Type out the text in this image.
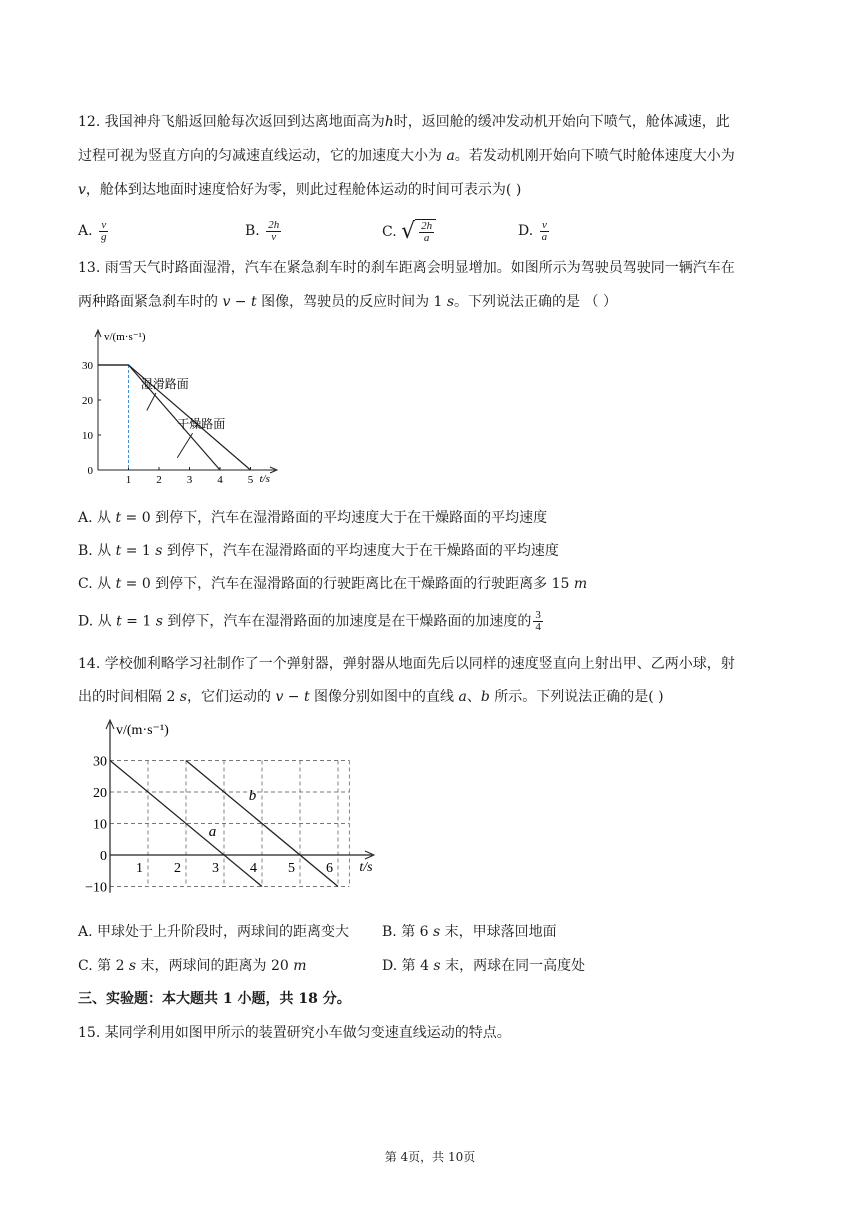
12. 我国神舟飞船返回舱每次返回到达离地面高为ℎ时，返回舱的缓冲发动机开始向下喷气，舱体减速，此
过程可视为竖直方向的匀减速直线运动，它的加速度大小为 𝑎。若发动机刚开始向下喷气时舱体速度大小为
𝑣，舱体到达地面时速度恰好为零，则此过程舱体运动的时间可表示为( )
A. $\frac{v}{g}$	B. $\frac{2h}{v}$	C. √ $\frac{2h}{a}$	D. $\frac{v}{a}$
13. 雨雪天气时路面湿滑，汽车在紧急刹车时的刹车距离会明显增加。如图所示为驾驶员驾驶同一辆汽车在
两种路面紧急刹车时的 𝑣 − 𝑡 图像，驾驶员的反应时间为 1 𝑠。下列说法正确的是 （ ）
v/(m·s⁻¹)
t/s
30
20
10
0
1 2 3 4 5
湿滑路面
干燥路面
A. 从 𝑡 = 0 到停下，汽车在湿滑路面的平均速度大于在干燥路面的平均速度
B. 从 𝑡 = 1 𝑠 到停下，汽车在湿滑路面的平均速度大于在干燥路面的平均速度
C. 从 𝑡 = 0 到停下，汽车在湿滑路面的行驶距离比在干燥路面的行驶距离多 15 𝑚
D. 从 𝑡 = 1 𝑠 到停下，汽车在湿滑路面的加速度是在干燥路面的加速度的 $\frac{3}{4}$
14. 学校伽利略学习社制作了一个弹射器，弹射器从地面先后以同样的速度竖直向上射出甲、乙两小球，射
出的时间相隔 2 𝑠，它们运动的 𝑣 − 𝑡 图像分别如图中的直线 𝑎、𝑏 所示。下列说法正确的是( )
v/(m·s⁻¹)
t/s
30
20
10
0
−10
1 2 3 4 5 6
a
b
A. 甲球处于上升阶段时，两球间的距离变大 B. 第 6 𝑠 末，甲球落回地面
C. 第 2 𝑠 末，两球间的距离为 20 𝑚	D. 第 4 𝑠 末，两球在同一高度处
三、实验题：本大题共 1 小题，共 18 分。
15. 某同学利用如图甲所示的装置研究小车做匀变速直线运动的特点。
第 4页，共 10页
